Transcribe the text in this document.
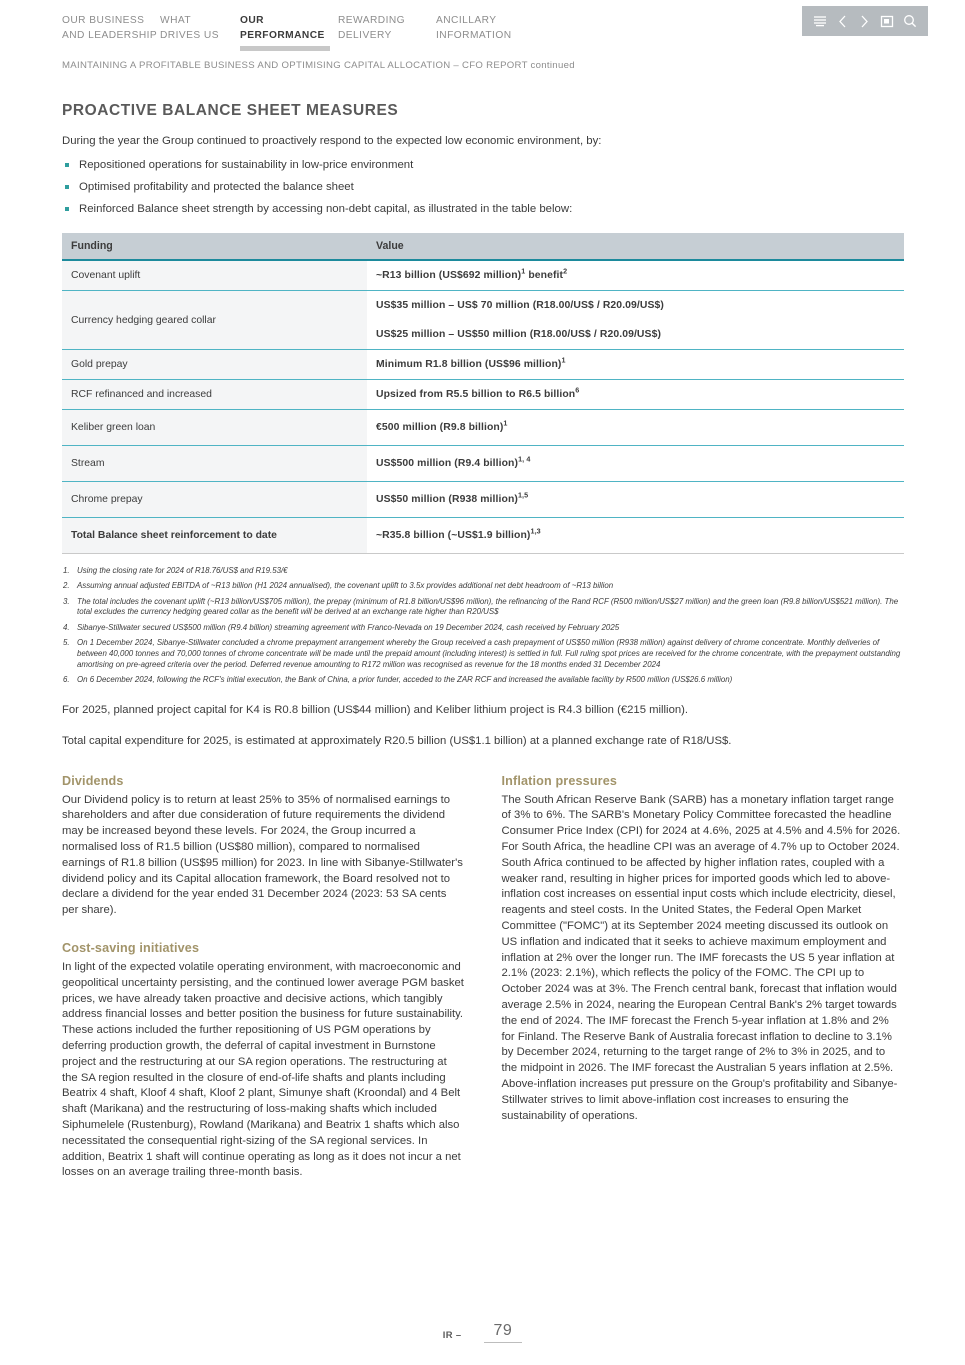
OUR BUSINESS
AND LEADERSHIP
WHAT
DRIVES US
OUR
PERFORMANCE
REWARDING
DELIVERY
ANCILLARY
INFORMATION
MAINTAINING A PROFITABLE BUSINESS AND OPTIMISING CAPITAL ALLOCATION – CFO REPORT continued
PROACTIVE BALANCE SHEET MEASURES

During the year the Group continued to proactively respond to the expected low economic environment, by:

Repositioned operations for sustainability in low-price environment
Optimised profitability and protected the balance sheet
Reinforced Balance sheet strength by accessing non-debt capital, as illustrated in the table below:
Funding	Value
Covenant uplift	~R13 billion (US$692 million)$^1$ benefit$^2$
Currency hedging geared collar	US$35 million – US$ 70 million (R18.00/US$ / R20.09/US$)
US$25 million – US$50 million (R18.00/US$ / R20.09/US$)

Gold prepay	Minimum R1.8 billion (US$96 million)$^1$
RCF refinanced and increased	Upsized from R5.5 billion to R6.5 billion$^6$
Keliber green loan	€500 million (R9.8 billion)$^1$
Stream	US$500 million (R9.4 billion)$^{1, 4}$
Chrome prepay	US$50 million (R938 million)$^{1,5}$
Total Balance sheet reinforcement to date	~R35.8 billion (~US$1.9 billion)$^{1,3}$
Using the closing rate for 2024 of R18.76/US$ and R19.53/€
Assuming annual adjusted EBITDA of ~R13 billion (H1 2024 annualised), the covenant uplift to 3.5x provides additional net debt headroom of ~R13 billion
The total includes the covenant uplift (~R13 billion/US$705 million), the prepay (minimum of R1.8 billion/US$96 million), the refinancing of the Rand RCF (R500 million/US$27 million) and the green loan (R9.8 billion/US$521 million). The total excludes the currency hedging geared collar as the benefit will be derived at an exchange rate higher than R20/US$
Sibanye-Stillwater secured US$500 million (R9.4 billion) streaming agreement with Franco-Nevada on 19 December 2024, cash received by February 2025
On 1 December 2024, Sibanye-Stillwater concluded a chrome prepayment arrangement whereby the Group received a cash prepayment of US$50 million (R938 million) against delivery of chrome concentrate. Monthly deliveries of between 40,000 tonnes and 70,000 tonnes of chrome concentrate will be made until the prepaid amount (including interest) is settled in full. Full ruling spot prices are received for the chrome concentrate, with the prepayment outstanding amortising on pre-agreed criteria over the period. Deferred revenue amounting to R172 million was recognised as revenue for the 18 months ended 31 December 2024
On 6 December 2024, following the RCF's initial execution, the Bank of China, a prior funder, acceded to the ZAR RCF and increased the available facility by R500 million (US$26.6 million)

For 2025, planned project capital for K4 is R0.8 billion (US$44 million) and Keliber lithium project is R4.3 billion (€215 million).

Total capital expenditure for 2025, is estimated at approximately R20.5 billion (US$1.1 billion) at a planned exchange rate of R18/US$.

Dividends

Our Dividend policy is to return at least 25% to 35% of normalised earnings to shareholders and after due consideration of future requirements the dividend may be increased beyond these levels. For 2024, the Group incurred a normalised loss of R1.5 billion (US$80 million), compared to normalised earnings of R1.8 billion (US$95 million) for 2023. In line with Sibanye-Stillwater's dividend policy and its Capital allocation framework, the Board resolved not to declare a dividend for the year ended 31 December 2024 (2023: 53 SA cents per share).

Cost-saving initiatives

In light of the expected volatile operating environment, with macroeconomic and geopolitical uncertainty persisting, and the continued lower average PGM basket prices, we have already taken proactive and decisive actions, which tangibly address financial losses and better position the business for future sustainability. These actions included the further repositioning of US PGM operations by deferring production growth, the deferral of capital investment in Burnstone project and the restructuring at our SA region operations. The restructuring at the SA region resulted in the closure of end-of-life shafts and plants including Beatrix 4 shaft, Kloof 4 shaft, Kloof 2 plant, Simunye shaft (Kroondal) and 4 Belt shaft (Marikana) and the restructuring of loss-making shafts which included Siphumelele (Rustenburg), Rowland (Marikana) and Beatrix 1 shafts which also necessitated the consequential right-sizing of the SA regional services. In addition, Beatrix 1 shaft will continue operating as long as it does not incur a net losses on an average trailing three-month basis.

Inflation pressures

The South African Reserve Bank (SARB) has a monetary inflation target range of 3% to 6%. The SARB's Monetary Policy Committee forecasted the headline Consumer Price Index (CPI) for 2024 at 4.6%, 2025 at 4.5% and 4.5% for 2026. For South Africa, the headline CPI was an average of 4.7% up to October 2024. South Africa continued to be affected by higher inflation rates, coupled with a weaker rand, resulting in higher prices for imported goods which led to above-inflation cost increases on essential input costs which include electricity, diesel, reagents and steel costs. In the United States, the Federal Open Market Committee ("FOMC") at its September 2024 meeting discussed its outlook on US inflation and indicated that it seeks to achieve maximum employment and inflation at 2% over the longer run. The IMF forecasts the US 5 year inflation at 2.1% (2023: 2.1%), which reflects the policy of the FOMC. The CPI up to October 2024 was at 3%. The French central bank, forecast that inflation would average 2.5% in 2024, nearing the European Central Bank's 2% target towards the end of 2024. The IMF forecast the French 5-year inflation at 1.8% and 2% for Finland. The Reserve Bank of Australia forecast inflation to decline to 3.1% by December 2024, returning to the target range of 2% to 3% in 2025, and to the midpoint in 2026. The IMF forecast the Australian 5 years inflation at 2.5%. Above-inflation increases put pressure on the Group's profitability and Sibanye-Stillwater strives to limit above-inflation cost increases to ensuring the sustainability of operations.

IR –	79
